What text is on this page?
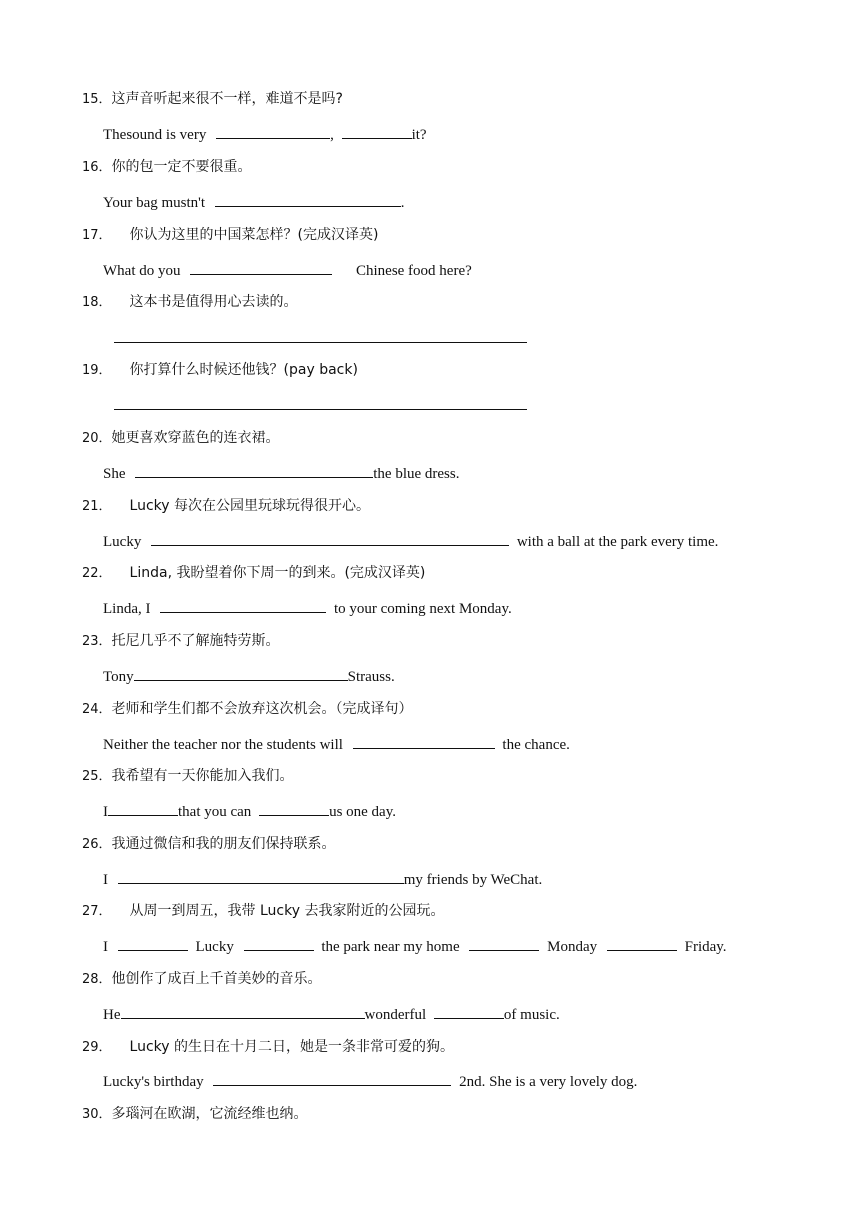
15．这声音听起来很不一样，难道不是吗?
Thesound is very	,	it?
16．你的包一定不要很重。
Your bag mustn't	.
17． 你认为这里的中国菜怎样？(完成汉译英)
What do you	Chinese food here?
18． 这本书是值得用心去读的。
19． 你打算什么时候还他钱？(pay back)
20．她更喜欢穿蓝色的连衣裙。
She	the blue dress.
21． Lucky 每次在公园里玩球玩得很开心。
Lucky	with a ball at the park every time.
22． Linda, 我盼望着你下周一的到来。(完成汉译英)
Linda, I	to your coming next Monday.
23．托尼几乎不了解施特劳斯。
Tony	Strauss.
24．老师和学生们都不会放弃这次机会。（完成译句）
Neither the teacher nor the students will	the chance.
25．我希望有一天你能加入我们。
I	that you can	us one day.
26．我通过微信和我的朋友们保持联系。
I	my friends by WeChat.
27． 从周一到周五，我带 Lucky 去我家附近的公园玩。
I	Lucky	the park near my home	Monday	Friday.
28．他创作了成百上千首美妙的音乐。
He	wonderful	of music.
29． Lucky 的生日在十月二日，她是一条非常可爱的狗。
Lucky's birthday	2nd. She is a very lovely dog.
30．多瑙河在欧湖，它流经维也纳。
